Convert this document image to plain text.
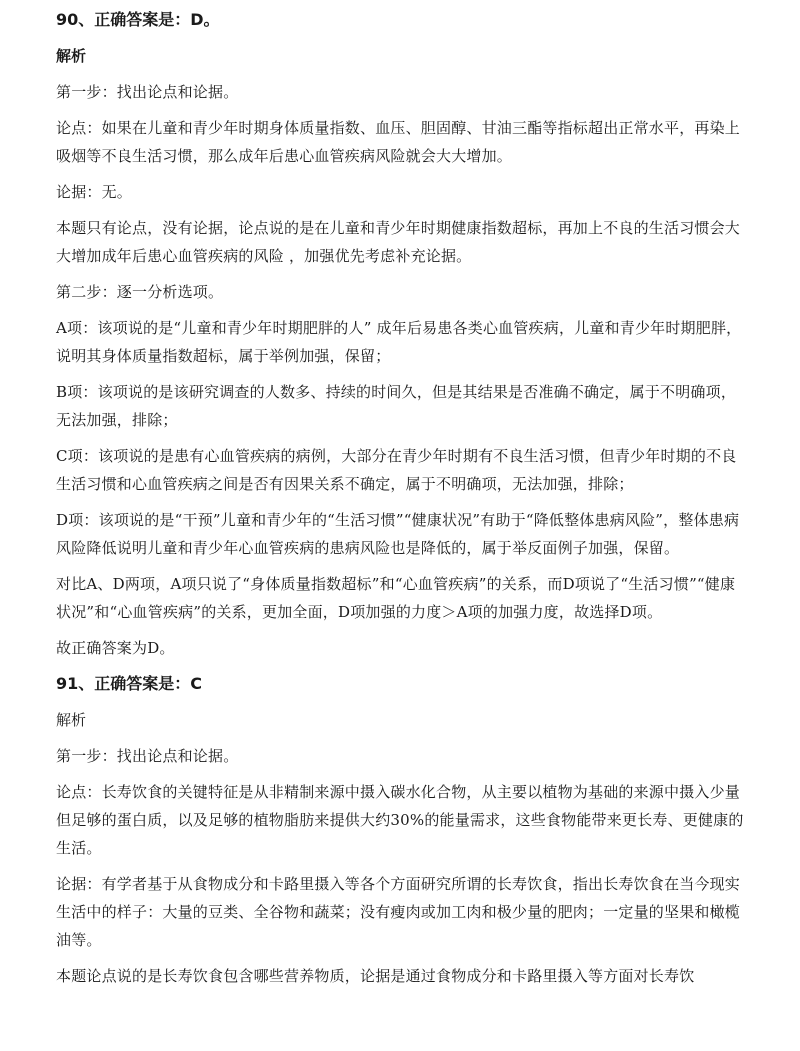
90、正确答案是：D。

解析

第一步：找出论点和论据。

论点：如果在儿童和青少年时期身体质量指数、血压、胆固醇、甘油三酯等指标超出正常水平，再染上吸烟等不良生活习惯，那么成年后患心血管疾病风险就会大大增加。

论据：无。

本题只有论点，没有论据，论点说的是在儿童和青少年时期健康指数超标，再加上不良的生活习惯会大大增加成年后患心血管疾病的风险 ，加强优先考虑补充论据。

第二步：逐一分析选项。

A项：该项说的是“儿童和青少年时期肥胖的人” 成年后易患各类心血管疾病，儿童和青少年时期肥胖，说明其身体质量指数超标，属于举例加强，保留；

B项：该项说的是该研究调查的人数多、持续的时间久，但是其结果是否准确不确定，属于不明确项，无法加强，排除；

C项：该项说的是患有心血管疾病的病例，大部分在青少年时期有不良生活习惯，但青少年时期的不良生活习惯和心血管疾病之间是否有因果关系不确定，属于不明确项，无法加强，排除；

D项：该项说的是“干预”儿童和青少年的“生活习惯”“健康状况”有助于“降低整体患病风险”，整体患病风险降低说明儿童和青少年心血管疾病的患病风险也是降低的，属于举反面例子加强，保留。

对比A、D两项，A项只说了“身体质量指数超标”和“心血管疾病”的关系，而D项说了“生活习惯”“健康状况”和“心血管疾病”的关系，更加全面，D项加强的力度＞A项的加强力度，故选择D项。

故正确答案为D。

91、正确答案是：C

解析

第一步：找出论点和论据。

论点：长寿饮食的关键特征是从非精制来源中摄入碳水化合物，从主要以植物为基础的来源中摄入少量但足够的蛋白质，以及足够的植物脂肪来提供大约30%的能量需求，这些食物能带来更长寿、更健康的生活。

论据：有学者基于从食物成分和卡路里摄入等各个方面研究所谓的长寿饮食，指出长寿饮食在当今现实生活中的样子：大量的豆类、全谷物和蔬菜；没有瘦肉或加工肉和极少量的肥肉；一定量的坚果和橄榄油等。

本题论点说的是长寿饮食包含哪些营养物质，论据是通过食物成分和卡路里摄入等方面对长寿饮
